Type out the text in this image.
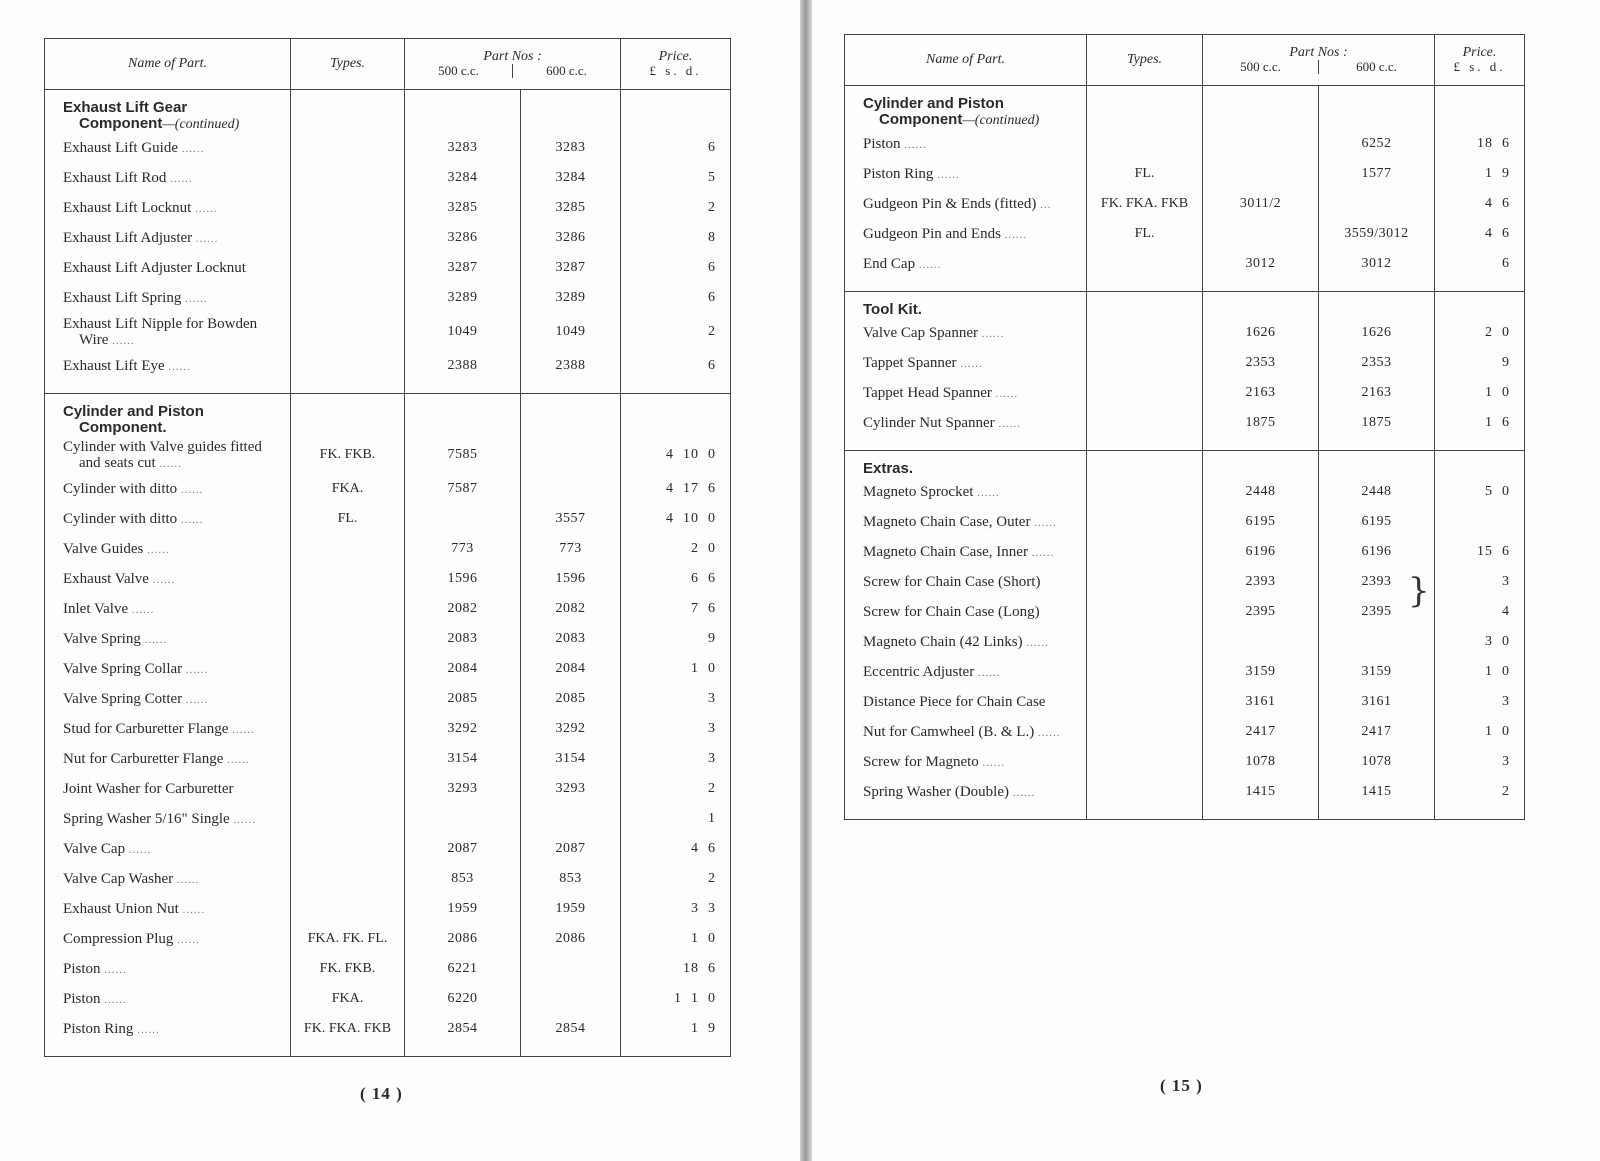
Name of Part.	Types.	Part Nos :
500 c.c. 600 c.c.		Price.
£ s. d.

Exhaust Lift Gear
Component—(continued)				

Exhaust Lift Guide ......		3283	3283	6
Exhaust Lift Rod ......		3284	3284	5
Exhaust Lift Locknut ......		3285	3285	2
Exhaust Lift Adjuster ......		3286	3286	8
Exhaust Lift Adjuster Locknut		3287	3287	6
Exhaust Lift Spring ......		3289	3289	6
Exhaust Lift Nipple for Bowden
Wire ......		1049	1049	2
Exhaust Lift Eye ......		2388	2388	6

Cylinder and Piston
Component.				

Cylinder with Valve guides fitted
and seats cut ......	FK. FKB.	7585		4  10  0
Cylinder with ditto ......	FKA.	7587		4  17  6
Cylinder with ditto ......	FL.		3557	4  10  0
Valve Guides ......		773	773	2  0
Exhaust Valve ......		1596	1596	6  6
Inlet Valve ......		2082	2082	7  6
Valve Spring ......		2083	2083	9
Valve Spring Collar ......		2084	2084	1  0
Valve Spring Cotter ......		2085	2085	3
Stud for Carburetter Flange ......		3292	3292	3
Nut for Carburetter Flange ......		3154	3154	3
Joint Washer for Carburetter		3293	3293	2
Spring Washer 5/16" Single ......				1
Valve Cap ......		2087	2087	4  6
Valve Cap Washer ......		853	853	2
Exhaust Union Nut ......		1959	1959	3  3
Compression Plug ......	FKA. FK. FL.	2086	2086	1  0
Piston ......	FK. FKB.	6221		18  6
Piston ......	FKA.	6220		1  1  0
Piston Ring ......	FK. FKA. FKB	2854	2854	1  9

( 14 )
Name of Part.	Types.	Part Nos :
500 c.c. 600 c.c.		Price.
£ s. d.

Cylinder and Piston
Component—(continued)				

Piston ......			6252	18  6
Piston Ring ......	FL.		1577	1  9
Gudgeon Pin & Ends (fitted) ...	FK. FKA. FKB	3011/2		4  6
Gudgeon Pin and Ends ......	FL.		3559/3012	4  6
End Cap ......		3012	3012	6

Tool Kit.				

Valve Cap Spanner ......		1626	1626	2  0
Tappet Spanner ......		2353	2353	9
Tappet Head Spanner ......		2163	2163	1  0
Cylinder Nut Spanner ......		1875	1875	1  6

Extras.				

Magneto Sprocket ......		2448	2448	5  0
Magneto Chain Case, Outer ......		6195	6195	
Magneto Chain Case, Inner ......		6196	6196	15  6
Screw for Chain Case (Short)		2393	2393	3
Screw for Chain Case (Long)		2395	2395	4
Magneto Chain (42 Links) ......				3  0
Eccentric Adjuster ......		3159	3159	1  0
Distance Piece for Chain Case		3161	3161	3
Nut for Camwheel (B. & L.) ......		2417	2417	1  0
Screw for Magneto ......		1078	1078	3
Spring Washer (Double) ......		1415	1415	2

}
( 15 )
